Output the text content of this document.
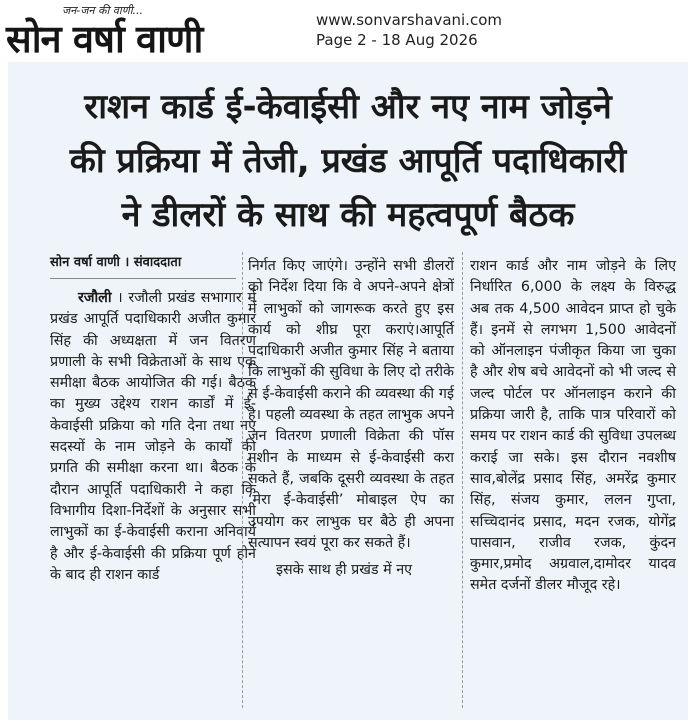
जन-जन की वाणी...
सोन वर्षा वाणी	www.sonvarshavani.com
Page 2 - 18 Aug 2026
राशन कार्ड ई-केवाईसी और नए नाम जोड़ने
की प्रक्रिया में तेजी, प्रखंड आपूर्ति पदाधिकारी
ने डीलरों के साथ की महत्वपूर्ण बैठक
सोन वर्षा वाणी । संवाददाता

रजौली । रजौली प्रखंड सभागार में प्रखंड आपूर्ति पदाधिकारी अजीत कुमार सिंह की अध्यक्षता में जन वितरण प्रणाली के सभी विक्रेताओं के साथ एक समीक्षा बैठक आयोजित की गई। बैठक का मुख्य उद्देश्य राशन कार्डों में ई-केवाईसी प्रक्रिया को गति देना तथा नए सदस्यों के नाम जोड़ने के कार्यों की प्रगति की समीक्षा करना था। बैठक के दौरान आपूर्ति पदाधिकारी ने कहा कि विभागीय दिशा-निर्देशों के अनुसार सभी लाभुकों का ई-केवाईसी कराना अनिवार्य है और ई-केवाईसी की प्रक्रिया पूर्ण होने के बाद ही राशन कार्ड

निर्गत किए जाएंगे। उन्होंने सभी डीलरों को निर्देश दिया कि वे अपने-अपने क्षेत्रों में लाभुकों को जागरूक करते हुए इस कार्य को शीघ्र पूरा कराएं।आपूर्ति पदाधिकारी अजीत कुमार सिंह ने बताया कि लाभुकों की सुविधा के लिए दो तरीके से ई-केवाईसी कराने की व्यवस्था की गई है। पहली व्यवस्था के तहत लाभुक अपने जन वितरण प्रणाली विक्रेता की पॉस मशीन के माध्यम से ई-केवाईसी करा सकते हैं, जबकि दूसरी व्यवस्था के तहत ‘मेरा ई-केवाईसी’ मोबाइल ऐप का उपयोग कर लाभुक घर बैठे ही अपना सत्यापन स्वयं पूरा कर सकते हैं।

इसके साथ ही प्रखंड में नए

राशन कार्ड और नाम जोड़ने के लिए निर्धारित 6,000 के लक्ष्य के विरुद्ध अब तक 4,500 आवेदन प्राप्त हो चुके हैं। इनमें से लगभग 1,500 आवेदनों को ऑनलाइन पंजीकृत किया जा चुका है और शेष बचे आवेदनों को भी जल्द से जल्द पोर्टल पर ऑनलाइन कराने की प्रक्रिया जारी है, ताकि पात्र परिवारों को समय पर राशन कार्ड की सुविधा उपलब्ध कराई जा सके। इस दौरान नवशीष साव,बोलेंद्र प्रसाद सिंह, अमरेंद्र कुमार सिंह, संजय कुमार, ललन गुप्ता, सच्चिदानंद प्रसाद, मदन रजक, योगेंद्र पासवान, राजीव रजक, कुंदन कुमार,प्रमोद अग्रवाल,दामोदर यादव समेत दर्जनों डीलर मौजूद रहे।
